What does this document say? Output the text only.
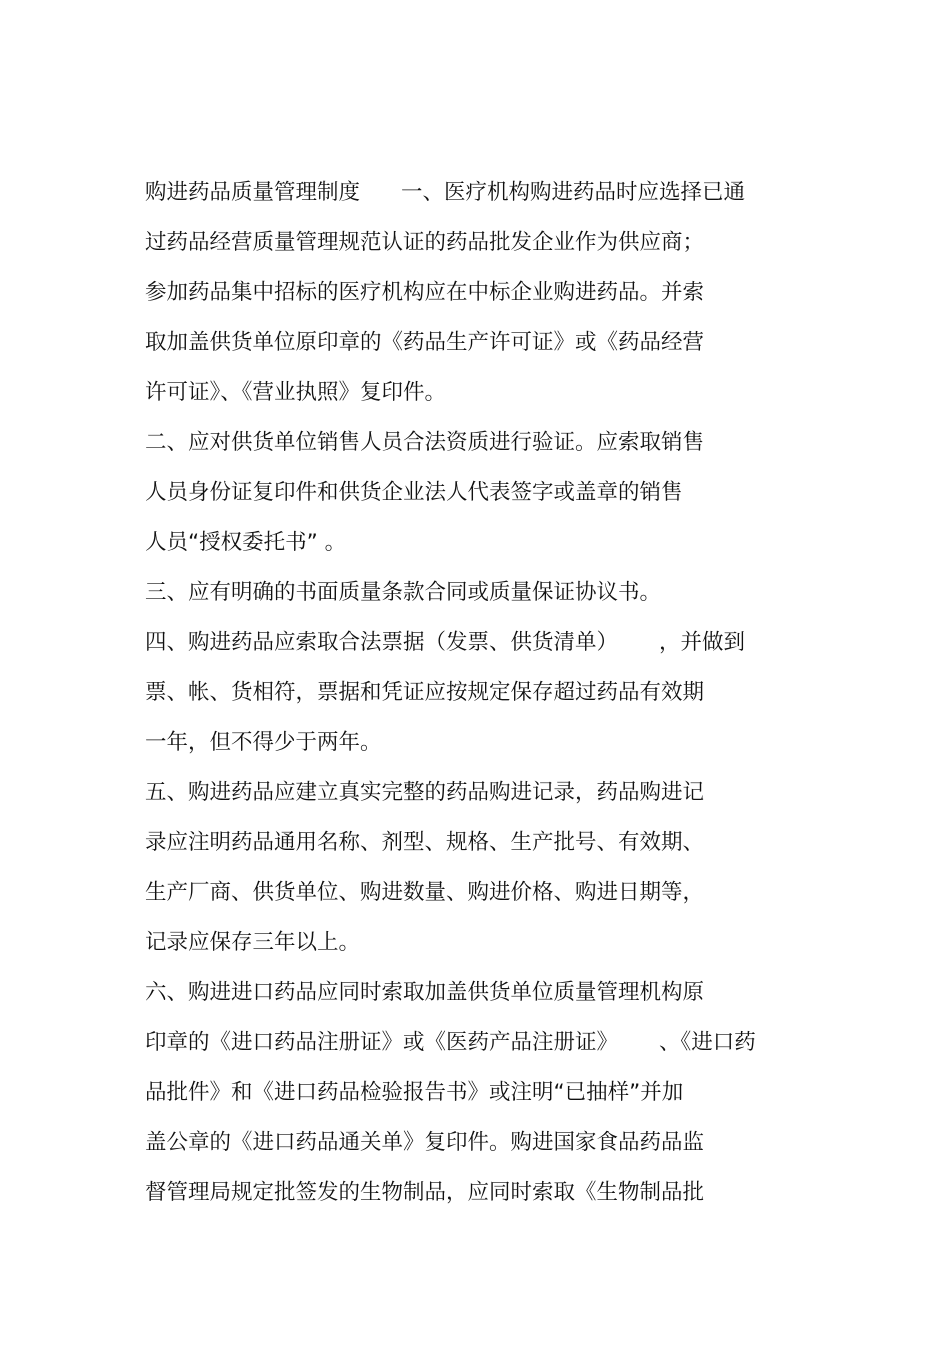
购进药品质量管理制度      一、医疗机构购进药品时应选择已通
过药品经营质量管理规范认证的药品批发企业作为供应商；
参加药品集中招标的医疗机构应在中标企业购进药品。并索
取加盖供货单位原印章的《药品生产许可证》或《药品经营
许可证》、《营业执照》复印件。
二、应对供货单位销售人员合法资质进行验证。应索取销售
人员身份证复印件和供货企业法人代表签字或盖章的销售
人员“授权委托书” 。
三、应有明确的书面质量条款合同或质量保证协议书。
四、购进药品应索取合法票据（发票、供货清单）      ，并做到
票、帐、货相符，票据和凭证应按规定保存超过药品有效期
一年，但不得少于两年。
五、购进药品应建立真实完整的药品购进记录，药品购进记
录应注明药品通用名称、剂型、规格、生产批号、有效期、
生产厂商、供货单位、购进数量、购进价格、购进日期等，
记录应保存三年以上。
六、购进进口药品应同时索取加盖供货单位质量管理机构原
印章的《进口药品注册证》或《医药产品注册证》      、《进口药
品批件》和《进口药品检验报告书》或注明“已抽样”并加
盖公章的《进口药品通关单》复印件。购进国家食品药品监
督管理局规定批签发的生物制品，应同时索取《生物制品批
